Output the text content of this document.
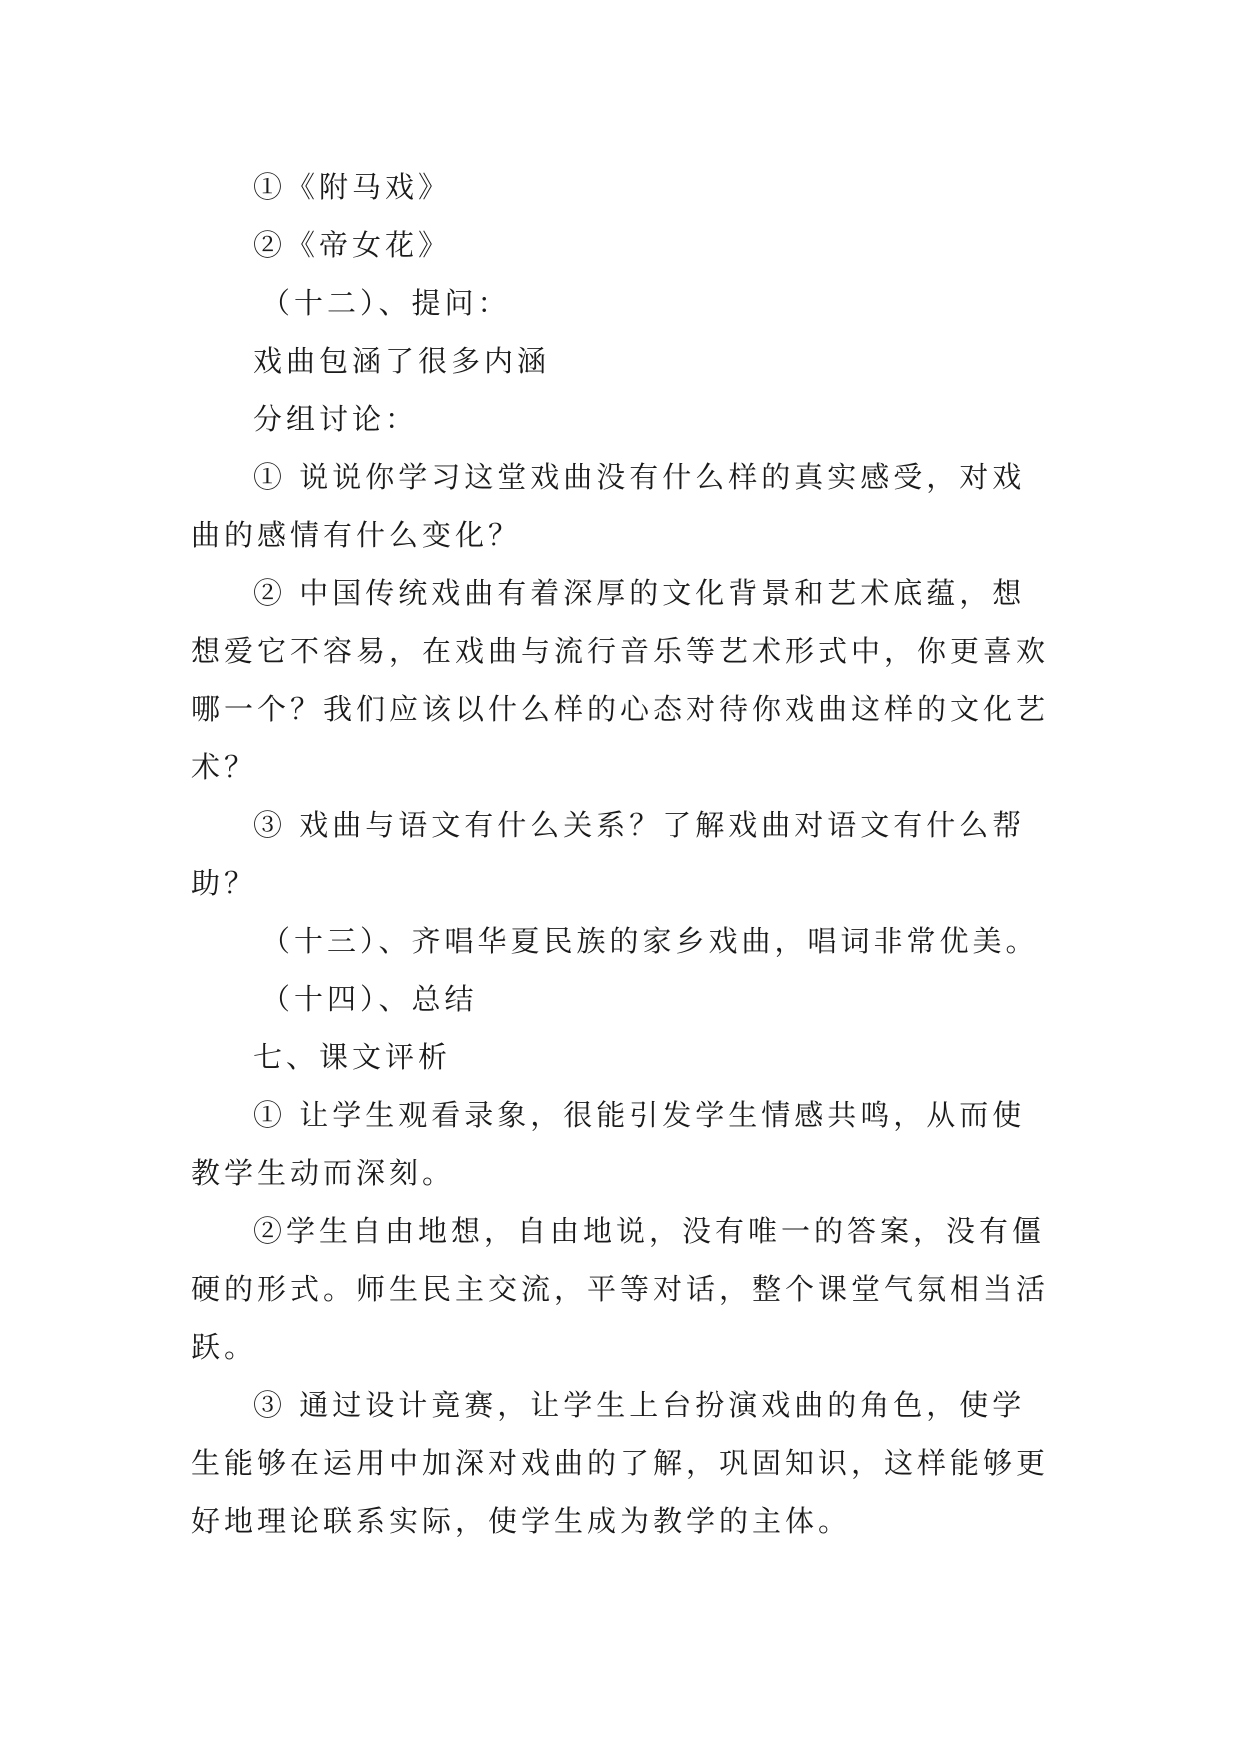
①《附马戏》

②《帝女花》

（十二）、提问：

戏曲包涵了很多内涵

分组讨论：

① 说说你学习这堂戏曲没有什么样的真实感受，对戏曲的感情有什么变化？

② 中国传统戏曲有着深厚的文化背景和艺术底蕴，想想爱它不容易，在戏曲与流行音乐等艺术形式中，你更喜欢哪一个？我们应该以什么样的心态对待你戏曲这样的文化艺术？

③ 戏曲与语文有什么关系？了解戏曲对语文有什么帮助？

（十三）、齐唱华夏民族的家乡戏曲，唱词非常优美。

（十四）、总结

七、课文评析

① 让学生观看录象，很能引发学生情感共鸣，从而使教学生动而深刻。

②学生自由地想，自由地说，没有唯一的答案，没有僵硬的形式。师生民主交流，平等对话，整个课堂气氛相当活跃。

③ 通过设计竟赛，让学生上台扮演戏曲的角色，使学生能够在运用中加深对戏曲的了解，巩固知识，这样能够更好地理论联系实际，使学生成为教学的主体。
